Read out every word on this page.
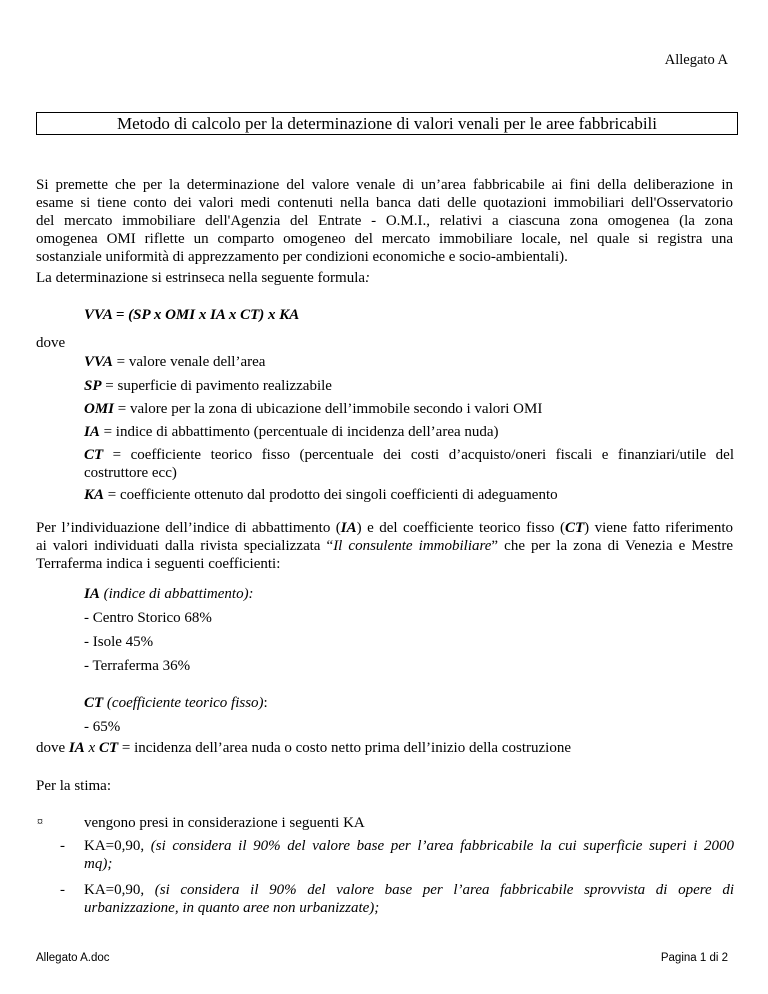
Allegato A
Metodo di calcolo per la determinazione di valori venali per le aree fabbricabili
Si premette che per la determinazione del valore venale di un’area fabbricabile ai fini della deliberazione in
esame si tiene conto dei valori medi contenuti nella banca dati delle quotazioni immobiliari dell'Osservatorio
del mercato immobiliare dell'Agenzia del Entrate - O.M.I., relativi a ciascuna zona omogenea (la zona
omogenea OMI riflette un comparto omogeneo del mercato immobiliare locale, nel quale si registra una
sostanziale uniformità di apprezzamento per condizioni economiche e socio-ambientali).
La determinazione si estrinseca nella seguente formula:
VVA = (SP x OMI x IA x CT) x KA
dove
VVA = valore venale dell’area
SP = superficie di pavimento realizzabile
OMI = valore per la zona di ubicazione dell’immobile secondo i valori OMI
IA = indice di abbattimento (percentuale di incidenza dell’area nuda)
CT = coefficiente teorico fisso (percentuale dei costi d’acquisto/oneri fiscali e finanziari/utile del
costruttore ecc)
KA = coefficiente ottenuto dal prodotto dei singoli coefficienti di adeguamento
Per l’individuazione dell’indice di abbattimento (IA) e del coefficiente teorico fisso (CT) viene fatto riferimento
ai valori individuati dalla rivista specializzata “Il consulente immobiliare” che per la zona di Venezia e Mestre
Terraferma indica i seguenti coefficienti:
IA (indice di abbattimento):
- Centro Storico 68%
- Isole 45%
- Terraferma 36%
CT (coefficiente teorico fisso):
- 65%
dove IA x CT = incidenza dell’area nuda o costo netto prima dell’inizio della costruzione
Per la stima:
¤	vengono presi in considerazione i seguenti KA
- KA=0,90, (si considera il 90% del valore base per l’area fabbricabile la cui superficie superi i 2000
mq);
- KA=0,90, (si considera il 90% del valore base per l’area fabbricabile sprovvista di opere di
urbanizzazione, in quanto aree non urbanizzate);
Allegato A.doc	Pagina 1 di 2
